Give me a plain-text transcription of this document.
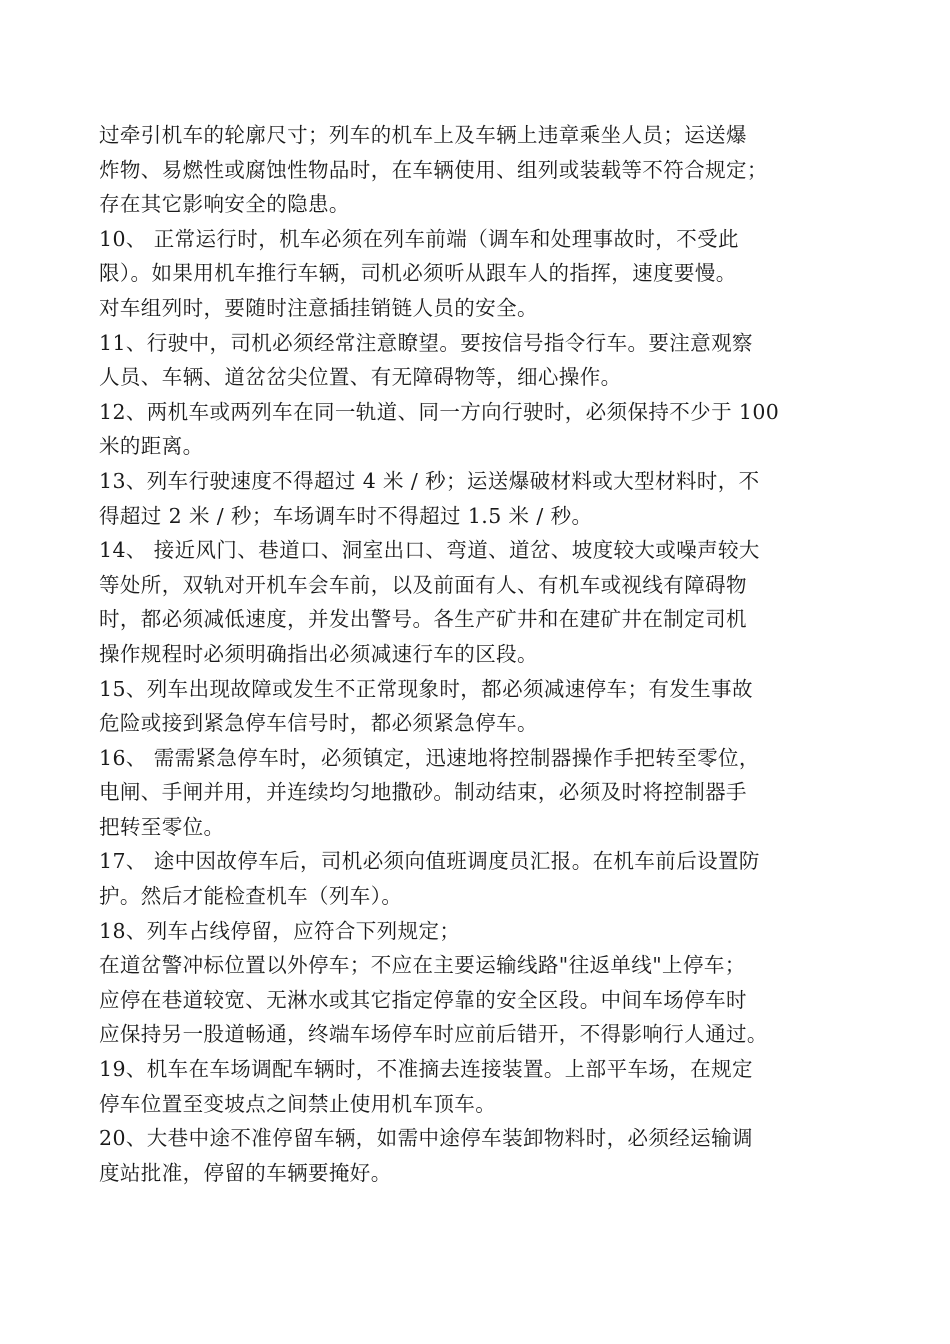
过牵引机车的轮廓尺寸；列车的机车上及车辆上违章乘坐人员；运送爆
炸物、易燃性或腐蚀性物品时，在车辆使用、组列或装载等不符合规定；
存在其它影响安全的隐患。
10、 正常运行时，机车必须在列车前端（调车和处理事故时，不受此
限）。如果用机车推行车辆，司机必须听从跟车人的指挥，速度要慢。
对车组列时，要随时注意插挂销链人员的安全。
11、行驶中，司机必须经常注意瞭望。要按信号指令行车。要注意观察
人员、车辆、道岔岔尖位置、有无障碍物等，细心操作。
12、两机车或两列车在同一轨道、同一方向行驶时，必须保持不少于 100
米的距离。
13、列车行驶速度不得超过 4 米 / 秒；运送爆破材料或大型材料时，不
得超过 2 米 / 秒；车场调车时不得超过 1.5 米 / 秒。
14、 接近风门、巷道口、洞室出口、弯道、道岔、坡度较大或噪声较大
等处所，双轨对开机车会车前，以及前面有人、有机车或视线有障碍物
时，都必须减低速度，并发出警号。各生产矿井和在建矿井在制定司机
操作规程时必须明确指出必须减速行车的区段。
15、列车出现故障或发生不正常现象时，都必须减速停车；有发生事故
危险或接到紧急停车信号时，都必须紧急停车。
16、 需需紧急停车时，必须镇定，迅速地将控制器操作手把转至零位，
电闸、手闸并用，并连续均匀地撒砂。制动结束，必须及时将控制器手
把转至零位。
17、 途中因故停车后，司机必须向值班调度员汇报。在机车前后设置防
护。然后才能检查机车（列车）。
18、列车占线停留，应符合下列规定；
在道岔警冲标位置以外停车；不应在主要运输线路"往返单线"上停车；
应停在巷道较宽、无淋水或其它指定停靠的安全区段。中间车场停车时
应保持另一股道畅通，终端车场停车时应前后错开，不得影响行人通过。
19、机车在车场调配车辆时，不准摘去连接装置。上部平车场，在规定
停车位置至变坡点之间禁止使用机车顶车。
20、大巷中途不准停留车辆，如需中途停车装卸物料时，必须经运输调
度站批准，停留的车辆要掩好。
